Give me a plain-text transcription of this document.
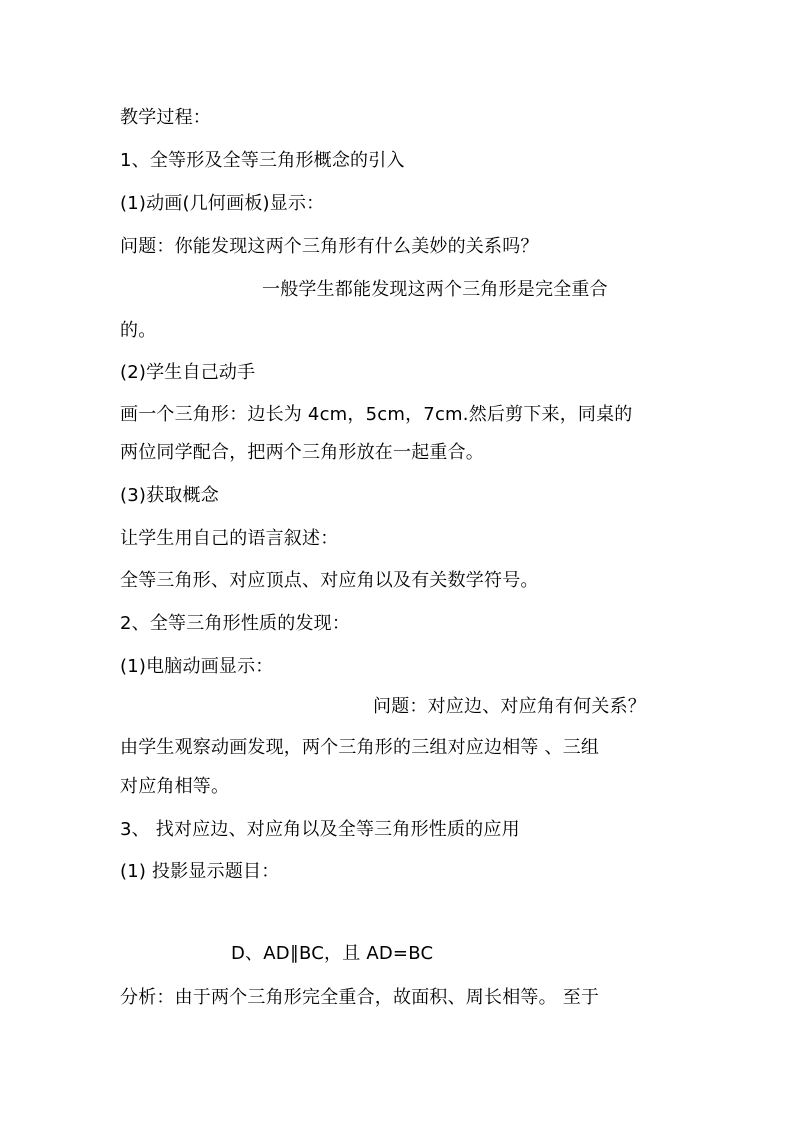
教学过程：
1、全等形及全等三角形概念的引入
(1)动画(几何画板)显示：
问题：你能发现这两个三角形有什么美妙的关系吗？
一般学生都能发现这两个三角形是完全重合
的。
(2)学生自己动手
画一个三角形：边长为 4cm，5cm，7cm.然后剪下来，同桌的
两位同学配合，把两个三角形放在一起重合。
(3)获取概念
让学生用自己的语言叙述：
全等三角形、对应顶点、对应角以及有关数学符号。
2、全等三角形性质的发现：
(1)电脑动画显示：
问题：对应边、对应角有何关系？
由学生观察动画发现，两个三角形的三组对应边相等 、三组
对应角相等。
3、 找对应边、对应角以及全等三角形性质的应用
(1) 投影显示题目：
D、AD∥BC，且 AD=BC
分析：由于两个三角形完全重合，故面积、周长相等。 至于
